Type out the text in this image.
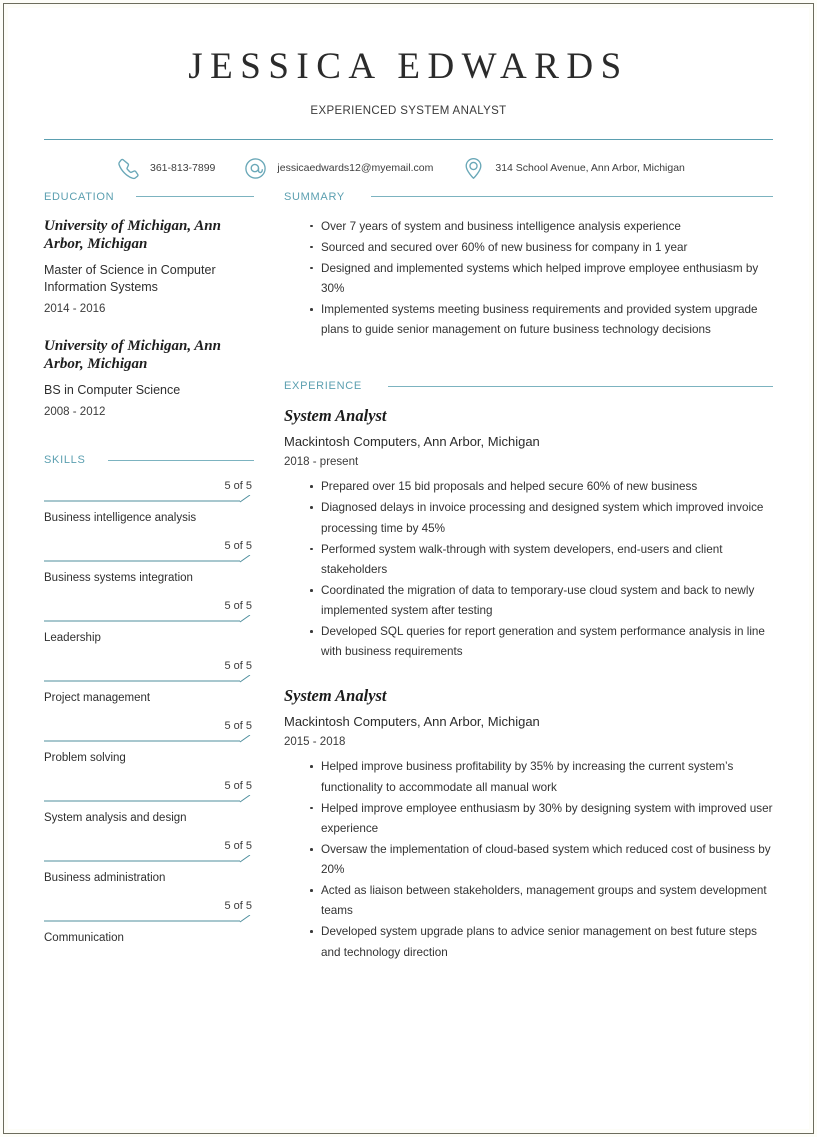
JESSICA EDWARDS
EXPERIENCED SYSTEM ANALYST
361-813-7899	jessicaedwards12@myemail.com	314 School Avenue, Ann Arbor, Michigan
EDUCATION
University of Michigan, Ann Arbor, Michigan
Master of Science in Computer Information Systems
2014 - 2016
University of Michigan, Ann Arbor, Michigan
BS in Computer Science
2008 - 2012
SKILLS
5 of 5
Business intelligence analysis
5 of 5
Business systems integration
5 of 5
Leadership
5 of 5
Project management
5 of 5
Problem solving
5 of 5
System analysis and design
5 of 5
Business administration
5 of 5
Communication
SUMMARY
Over 7 years of system and business intelligence analysis experience
Sourced and secured over 60% of new business for company in 1 year
Designed and implemented systems which helped improve employee enthusiasm by 30%
Implemented systems meeting business requirements and provided system upgrade plans to guide senior management on future business technology decisions
EXPERIENCE
System Analyst
Mackintosh Computers, Ann Arbor, Michigan
2018 - present
Prepared over 15 bid proposals and helped secure 60% of new business
Diagnosed delays in invoice processing and designed system which improved invoice processing time by 45%
Performed system walk-through with system developers, end-users and client stakeholders
Coordinated the migration of data to temporary-use cloud system and back to newly implemented system after testing
Developed SQL queries for report generation and system performance analysis in line with business requirements
System Analyst
Mackintosh Computers, Ann Arbor, Michigan
2015 - 2018
Helped improve business profitability by 35% by increasing the current system’s functionality to accommodate all manual work
Helped improve employee enthusiasm by 30% by designing system with improved user experience
Oversaw the implementation of cloud-based system which reduced cost of business by 20%
Acted as liaison between stakeholders, management groups and system development teams
Developed system upgrade plans to advice senior management on best future steps and technology direction
